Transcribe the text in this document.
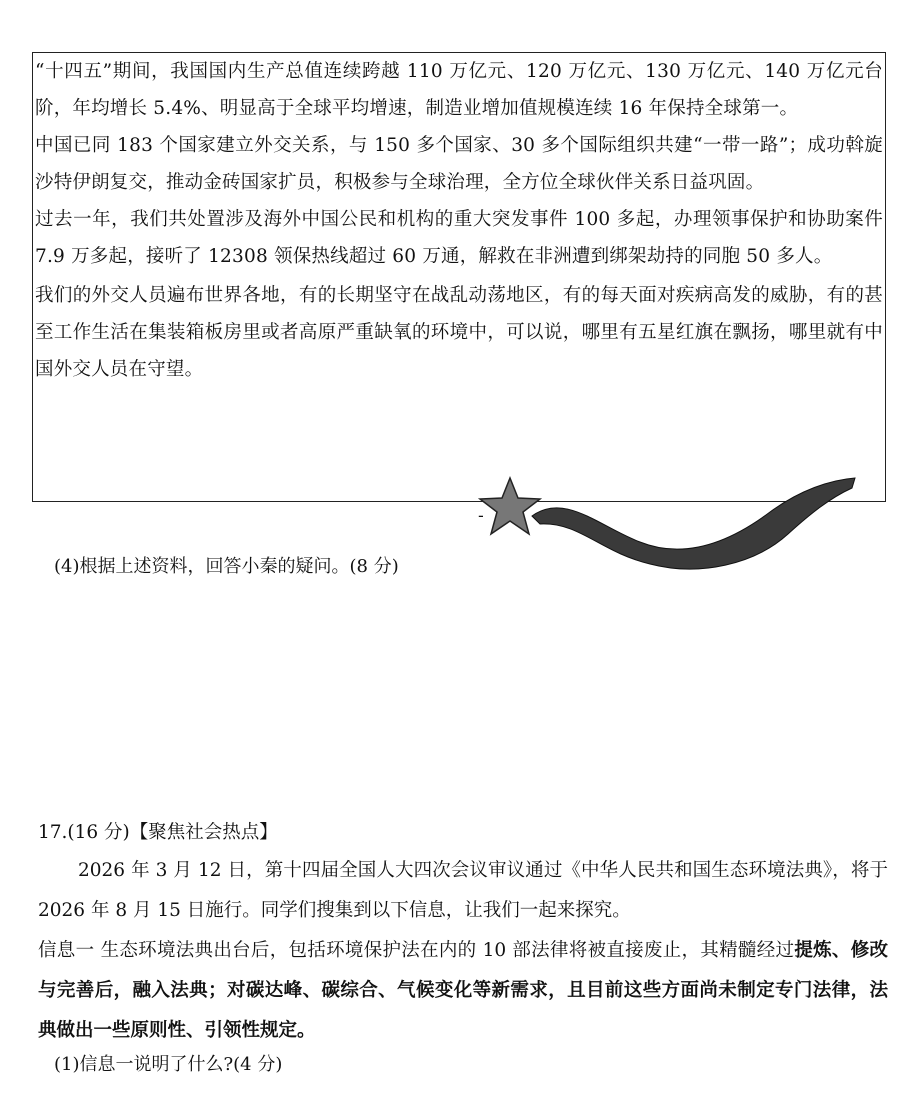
“十四五”期间，我国国内生产总值连续跨越 110 万亿元、120 万亿元、130 万亿元、140 万亿元台阶，年均增长 5.4%、明显高于全球平均增速，制造业增加值规模连续 16 年保持全球第一。

中国已同 183 个国家建立外交关系，与 150 多个国家、30 多个国际组织共建“一带一路”；成功斡旋沙特伊朗复交，推动金砖国家扩员，积极参与全球治理，全方位全球伙伴关系日益巩固。

过去一年，我们共处置涉及海外中国公民和机构的重大突发事件 100 多起，办理领事保护和协助案件 7.9 万多起，接听了 12308 领保热线超过 60 万通，解救在非洲遭到绑架劫持的同胞 50 多人。

我们的外交人员遍布世界各地，有的长期坚守在战乱动荡地区，有的每天面对疾病高发的威胁，有的甚至工作生活在集装箱板房里或者高原严重缺氧的环境中，可以说，哪里有五星红旗在飘扬，哪里就有中国外交人员在守望。

-
(4)根据上述资料，回答小秦的疑问。(8 分)

17.(16 分)【聚焦社会热点】

2026 年 3 月 12 日，第十四届全国人大四次会议审议通过《中华人民共和国生态环境法典》，将于 2026 年 8 月 15 日施行。同学们搜集到以下信息，让我们一起来探究。

信息一 生态环境法典出台后，包括环境保护法在内的 10 部法律将被直接废止，其精髓经过提炼、修改与完善后，融入法典；对碳达峰、碳综合、气候变化等新需求，且目前这些方面尚未制定专门法律，法典做出一些原则性、引领性规定。

(1)信息一说明了什么?(4 分)
